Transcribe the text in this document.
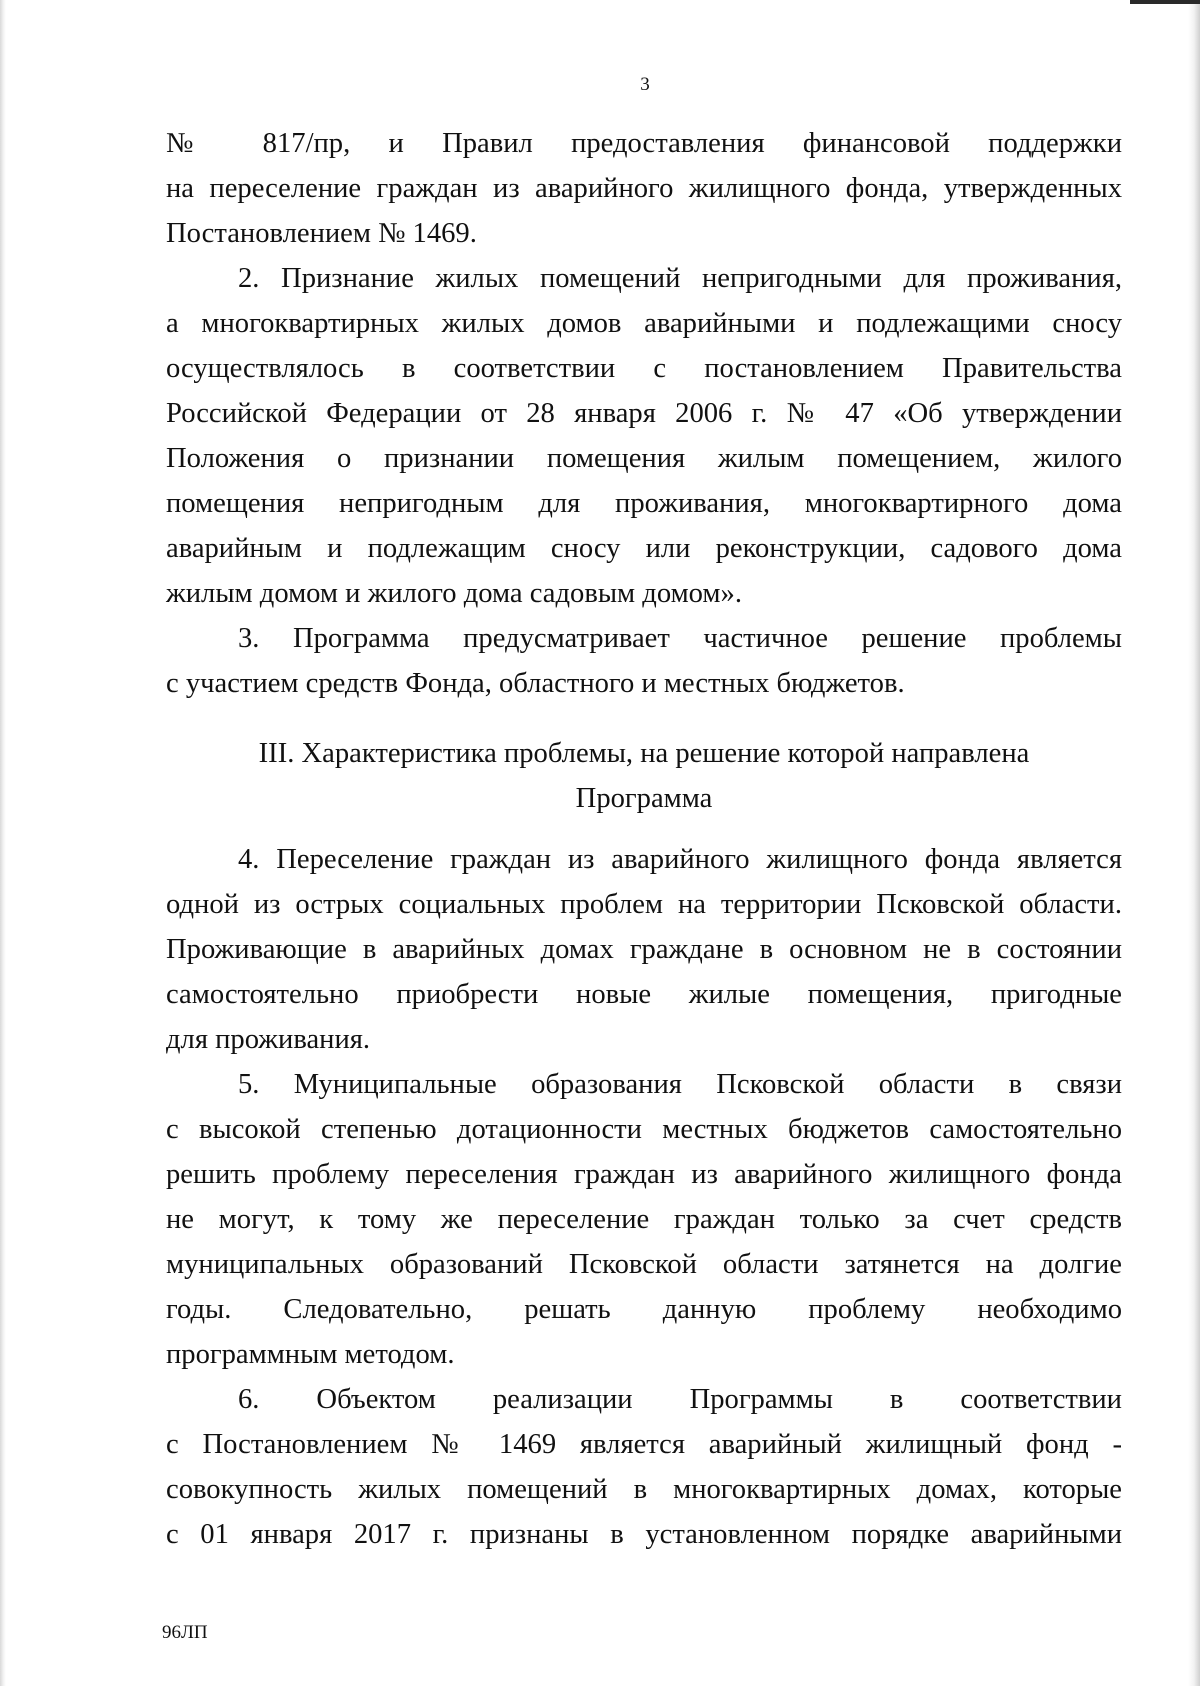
3
№ 817/пр, и Правил предоставления финансовой поддержки
на переселение граждан из аварийного жилищного фонда, утвержденных
Постановлением № 1469.
2. Признание жилых помещений непригодными для проживания,
а многоквартирных жилых домов аварийными и подлежащими сносу
осуществлялось в соответствии с постановлением Правительства
Российской Федерации от 28 января 2006 г. № 47 «Об утверждении
Положения о признании помещения жилым помещением, жилого
помещения непригодным для проживания, многоквартирного дома
аварийным и подлежащим сносу или реконструкции, садового дома
жилым домом и жилого дома садовым домом».
3. Программа предусматривает частичное решение проблемы
с участием средств Фонда, областного и местных бюджетов.
III. Характеристика проблемы, на решение которой направлена
Программа
4. Переселение граждан из аварийного жилищного фонда является
одной из острых социальных проблем на территории Псковской области.
Проживающие в аварийных домах граждане в основном не в состоянии
самостоятельно приобрести новые жилые помещения, пригодные
для проживания.
5. Муниципальные образования Псковской области в связи
с высокой степенью дотационности местных бюджетов самостоятельно
решить проблему переселения граждан из аварийного жилищного фонда
не могут, к тому же переселение граждан только за счет средств
муниципальных образований Псковской области затянется на долгие
годы. Следовательно, решать данную проблему необходимо
программным методом.
6. Объектом реализации Программы в соответствии
с Постановлением № 1469 является аварийный жилищный фонд -
совокупность жилых помещений в многоквартирных домах, которые
с 01 января 2017 г. признаны в установленном порядке аварийными
96ЛП
